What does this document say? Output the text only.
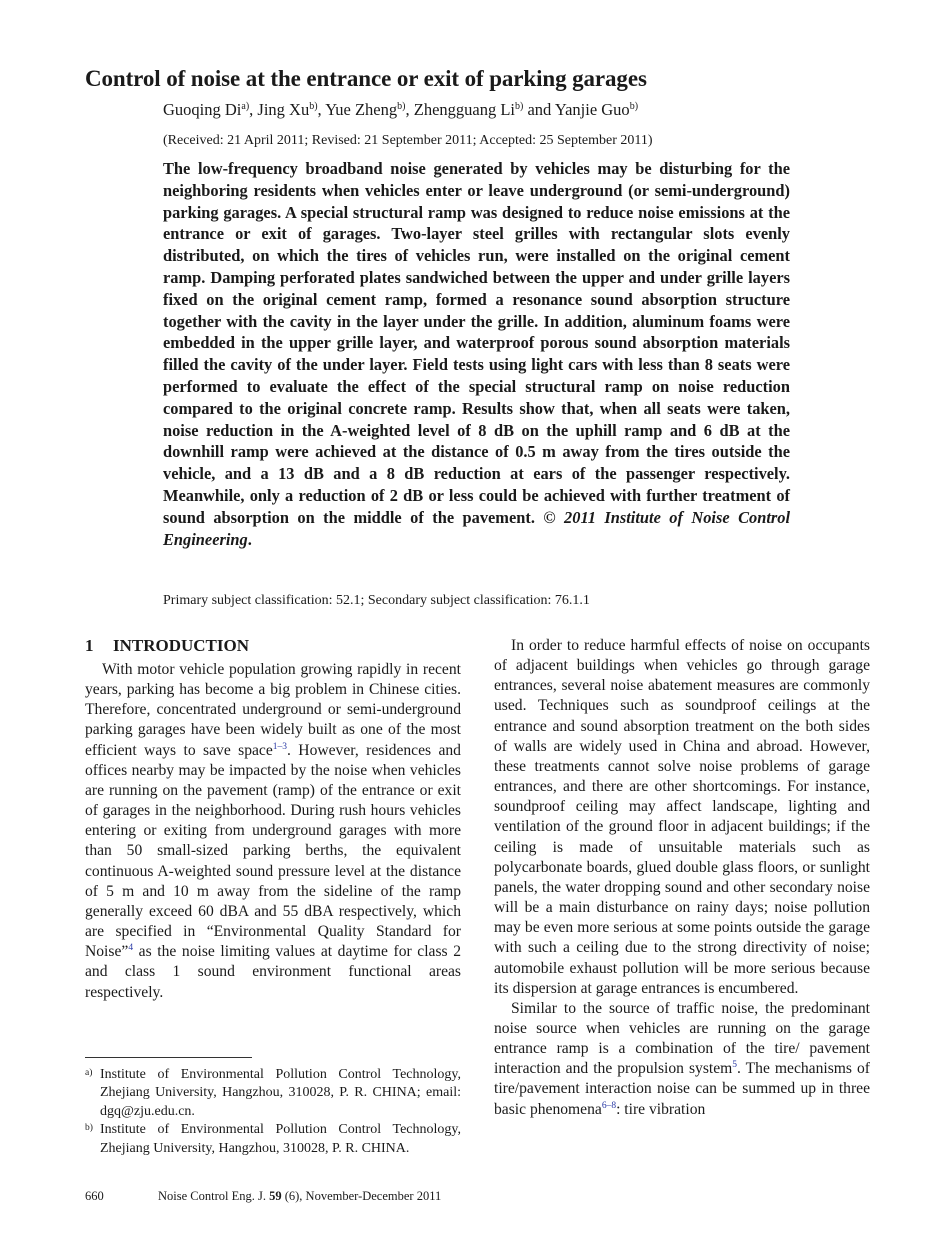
Control of noise at the entrance or exit of parking garages
Guoqing Di$^{a)}$, Jing Xu$^{b)}$, Yue Zheng$^{b)}$, Zhengguang Li$^{b)}$ and Yanjie Guo$^{b)}$
(Received: 21 April 2011; Revised: 21 September 2011; Accepted: 25 September 2011)
The low-frequency broadband noise generated by vehicles may be disturbing for the neighboring residents when vehicles enter or leave underground (or semi-underground) parking garages. A special structural ramp was designed to reduce noise emissions at the entrance or exit of garages. Two-layer steel grilles with rectangular slots evenly distributed, on which the tires of vehicles run, were installed on the original cement ramp. Damping perforated plates sandwiched between the upper and under grille layers fixed on the original cement ramp, formed a resonance sound absorption structure together with the cavity in the layer under the grille. In addition, aluminum foams were embedded in the upper grille layer, and waterproof porous sound absorption materials filled the cavity of the under layer. Field tests using light cars with less than 8 seats were performed to evaluate the effect of the special structural ramp on noise reduction compared to the original concrete ramp. Results show that, when all seats were taken, noise reduction in the A-weighted level of 8 dB on the uphill ramp and 6 dB at the downhill ramp were achieved at the distance of 0.5 m away from the tires outside the vehicle, and a 13 dB and a 8 dB reduction at ears of the passenger respectively. Meanwhile, only a reduction of 2 dB or less could be achieved with further treatment of sound absorption on the middle of the pavement. © 2011 Institute of Noise Control Engineering.
Primary subject classification: 52.1; Secondary subject classification: 76.1.1
1 INTRODUCTION

With motor vehicle population growing rapidly in recent years, parking has become a big problem in Chinese cities. Therefore, concentrated underground or semi-underground parking garages have been widely built as one of the most efficient ways to save space$^{1-3}$. However, residences and offices nearby may be impacted by the noise when vehicles are running on the pavement (ramp) of the entrance or exit of garages in the neighborhood. During rush hours vehicles entering or exiting from underground garages with more than 50 small-sized parking berths, the equivalent continuous A-weighted sound pressure level at the distance of 5 m and 10 m away from the sideline of the ramp generally exceed 60 dBA and 55 dBA respectively, which are specified in “Environmental Quality Standard for Noise”$^4$ as the noise limiting values at daytime for class 2 and class 1 sound environment functional areas respectively.

In order to reduce harmful effects of noise on occupants of adjacent buildings when vehicles go through garage entrances, several noise abatement measures are commonly used. Techniques such as soundproof ceilings at the entrance and sound absorption treatment on the both sides of walls are widely used in China and abroad. However, these treatments cannot solve noise problems of garage entrances, and there are other shortcomings. For instance, soundproof ceiling may affect landscape, lighting and ventilation of the ground floor in adjacent buildings; if the ceiling is made of unsuitable materials such as polycarbonate boards, glued double glass floors, or sunlight panels, the water dropping sound and other secondary noise will be a main disturbance on rainy days; noise pollution may be even more serious at some points outside the garage with such a ceiling due to the strong directivity of noise; automobile exhaust pollution will be more serious because its dispersion at garage entrances is encumbered.

Similar to the source of traffic noise, the predominant noise source when vehicles are running on the garage entrance ramp is a combination of the tire/ pavement interaction and the propulsion system$^5$. The mechanisms of tire/pavement interaction noise can be summed up in three basic phenomena$^{6-8}$: tire vibration

a) Institute of Environmental Pollution Control Technology, Zhejiang University, Hangzhou, 310028, P. R. CHINA; email: dgq@zju.edu.cn.
b) Institute of Environmental Pollution Control Technology, Zhejiang University, Hangzhou, 310028, P. R. CHINA.
660	Noise Control Eng. J. 59 (6), November-December 2011
